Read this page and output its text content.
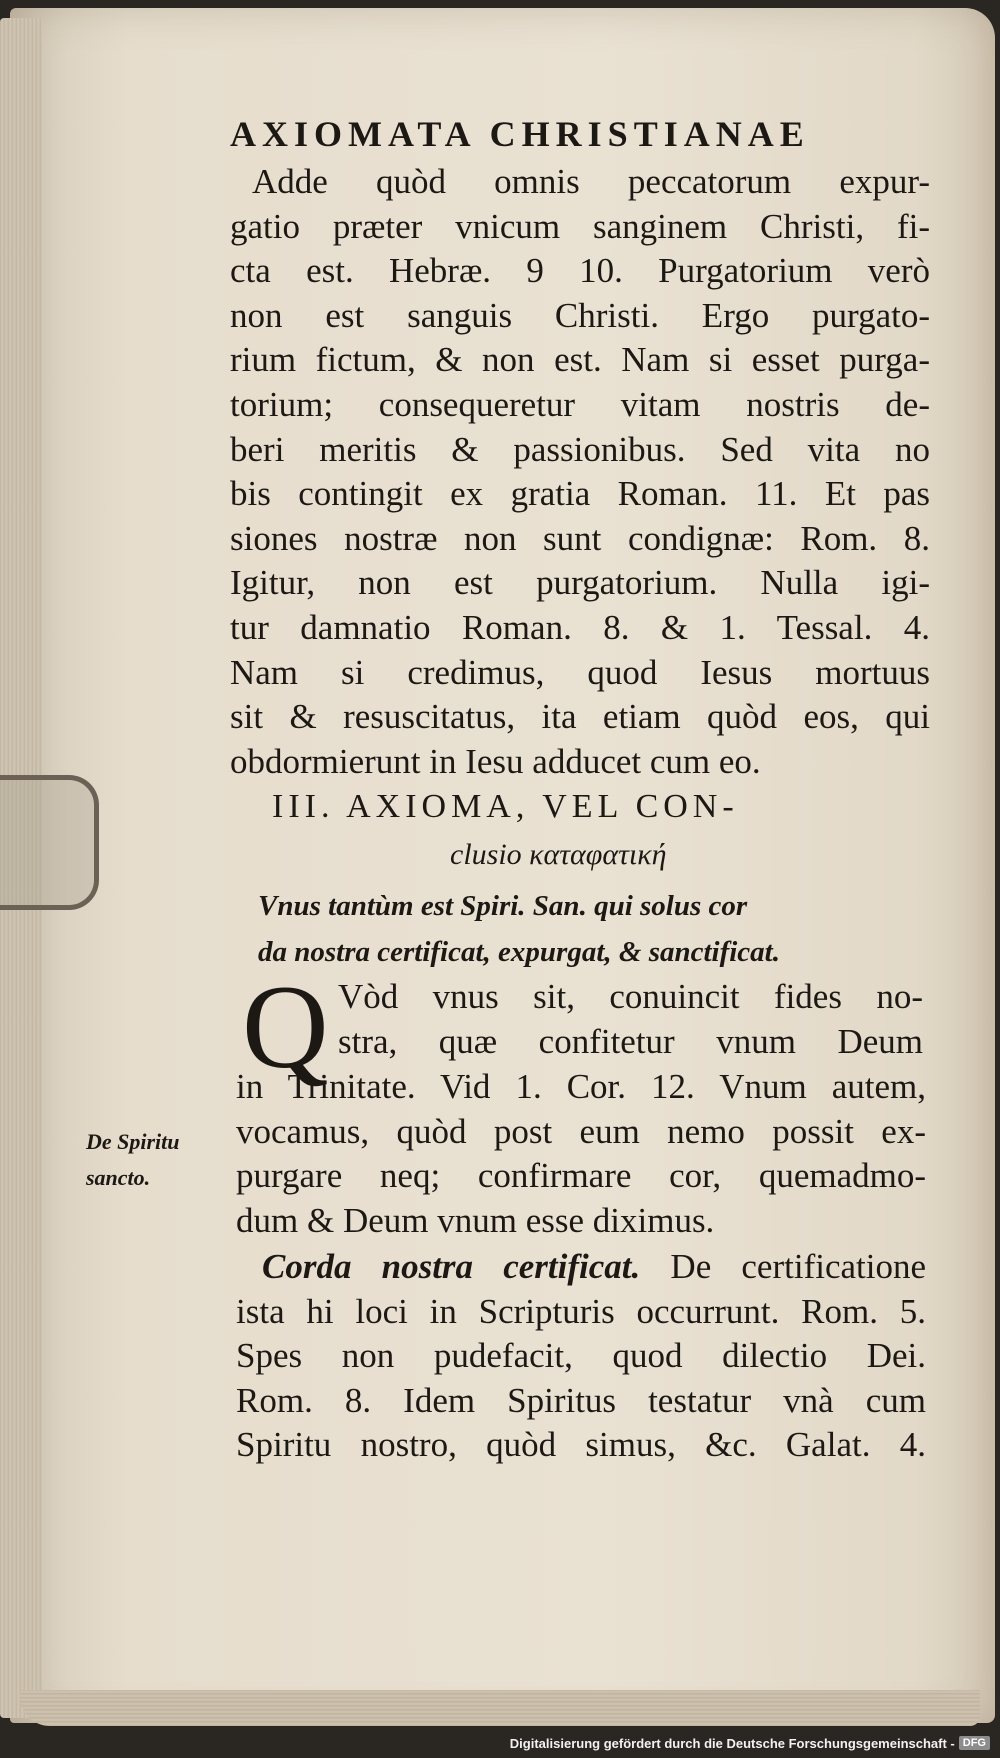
AXIOMATA CHRISTIANAE
Adde quòd omnis peccatorum expur-
gatio præter vnicum sanginem Christi, fi-
cta est. Hebræ. 9 10. Purgatorium verò
non est sanguis Christi. Ergo purgato-
rium fictum, & non est. Nam si esset purga-
torium; consequeretur vitam nostris de-
beri meritis & passionibus. Sed vita no
bis contingit ex gratia Roman. 11. Et pas
siones nostræ non sunt condignæ: Rom. 8.
Igitur, non est purgatorium. Nulla igi-
tur damnatio Roman. 8. & 1. Tessal. 4.
Nam si credimus, quod Iesus mortuus
sit & resuscitatus, ita etiam quòd eos, qui
obdormierunt in Iesu adducet cum eo.
III. AXIOMA, VEL CON-
clusio καταφατική
Vnus tantùm est Spiri. San. qui solus cor
da nostra certificat, expurgat, & sanctificat.
Q Vòd vnus sit, conuincit fides no-
stra, quæ confitetur vnum Deum
in Trinitate. Vid 1. Cor. 12. Vnum autem,
vocamus, quòd post eum nemo possit ex-
purgare neq; confirmare cor, quemadmo-
dum & Deum vnum esse diximus.
De Spiritu
sancto.
Corda nostra certificat. De certificatione
ista hi loci in Scripturis occurrunt. Rom. 5.
Spes non pudefacit, quod dilectio Dei.
Rom. 8. Idem Spiritus testatur vnà cum
Spiritu nostro, quòd simus, &c. Galat. 4.
Digitalisierung gefördert durch die Deutsche Forschungsgemeinschaft - DFG
